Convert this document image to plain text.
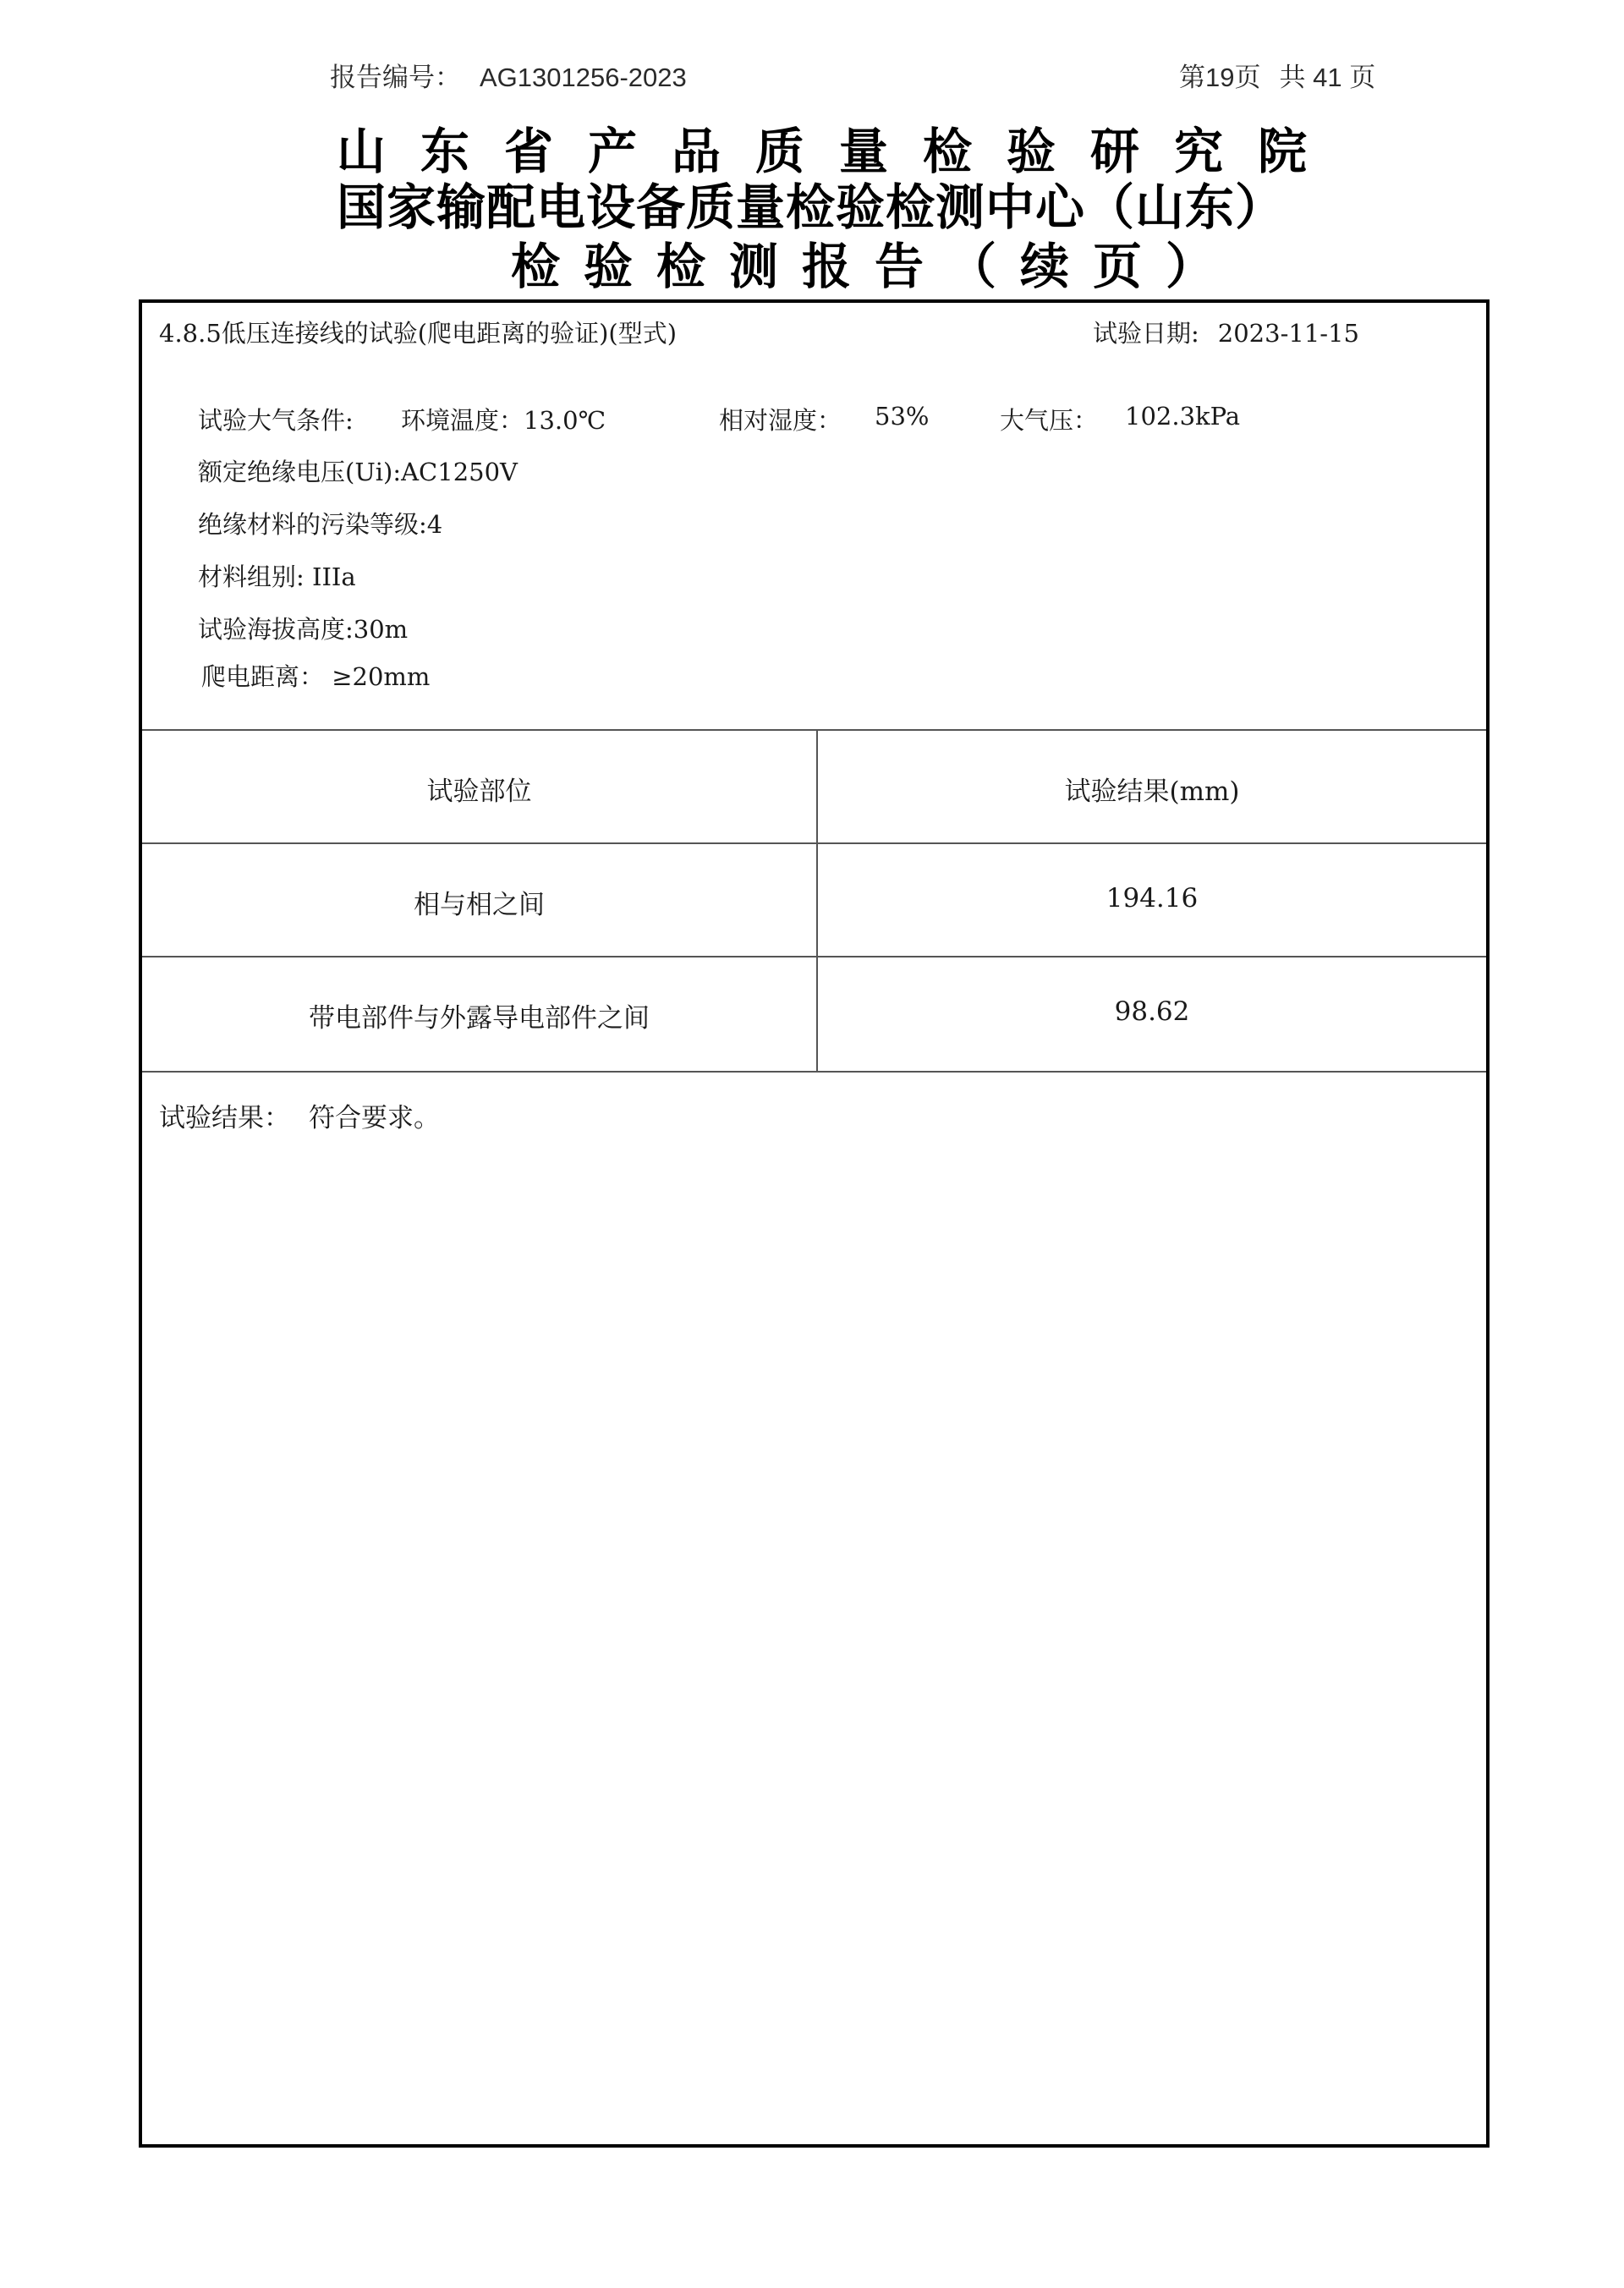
报告编号： AG1301256-2023	第19页 共 41 页
山东省产品质量检验研究院
国家输配电设备质量检验检测中心（山东）
检验检测报告（续页）
4.8.5低压连接线的试验(爬电距离的验证)(型式)	试验日期: 2023-11-15
试验大气条件: 环境温度：13.0℃	相对湿度： 53%	大气压： 102.3kPa
额定绝缘电压(Ui):AC1250V
绝缘材料的污染等级:4
材料组别: IIIa
试验海拔高度:30m
爬电距离： ≥20mm
试验部位	试验结果(mm)
相与相之间	194.16
带电部件与外露导电部件之间	98.62
试验结果： 符合要求。
